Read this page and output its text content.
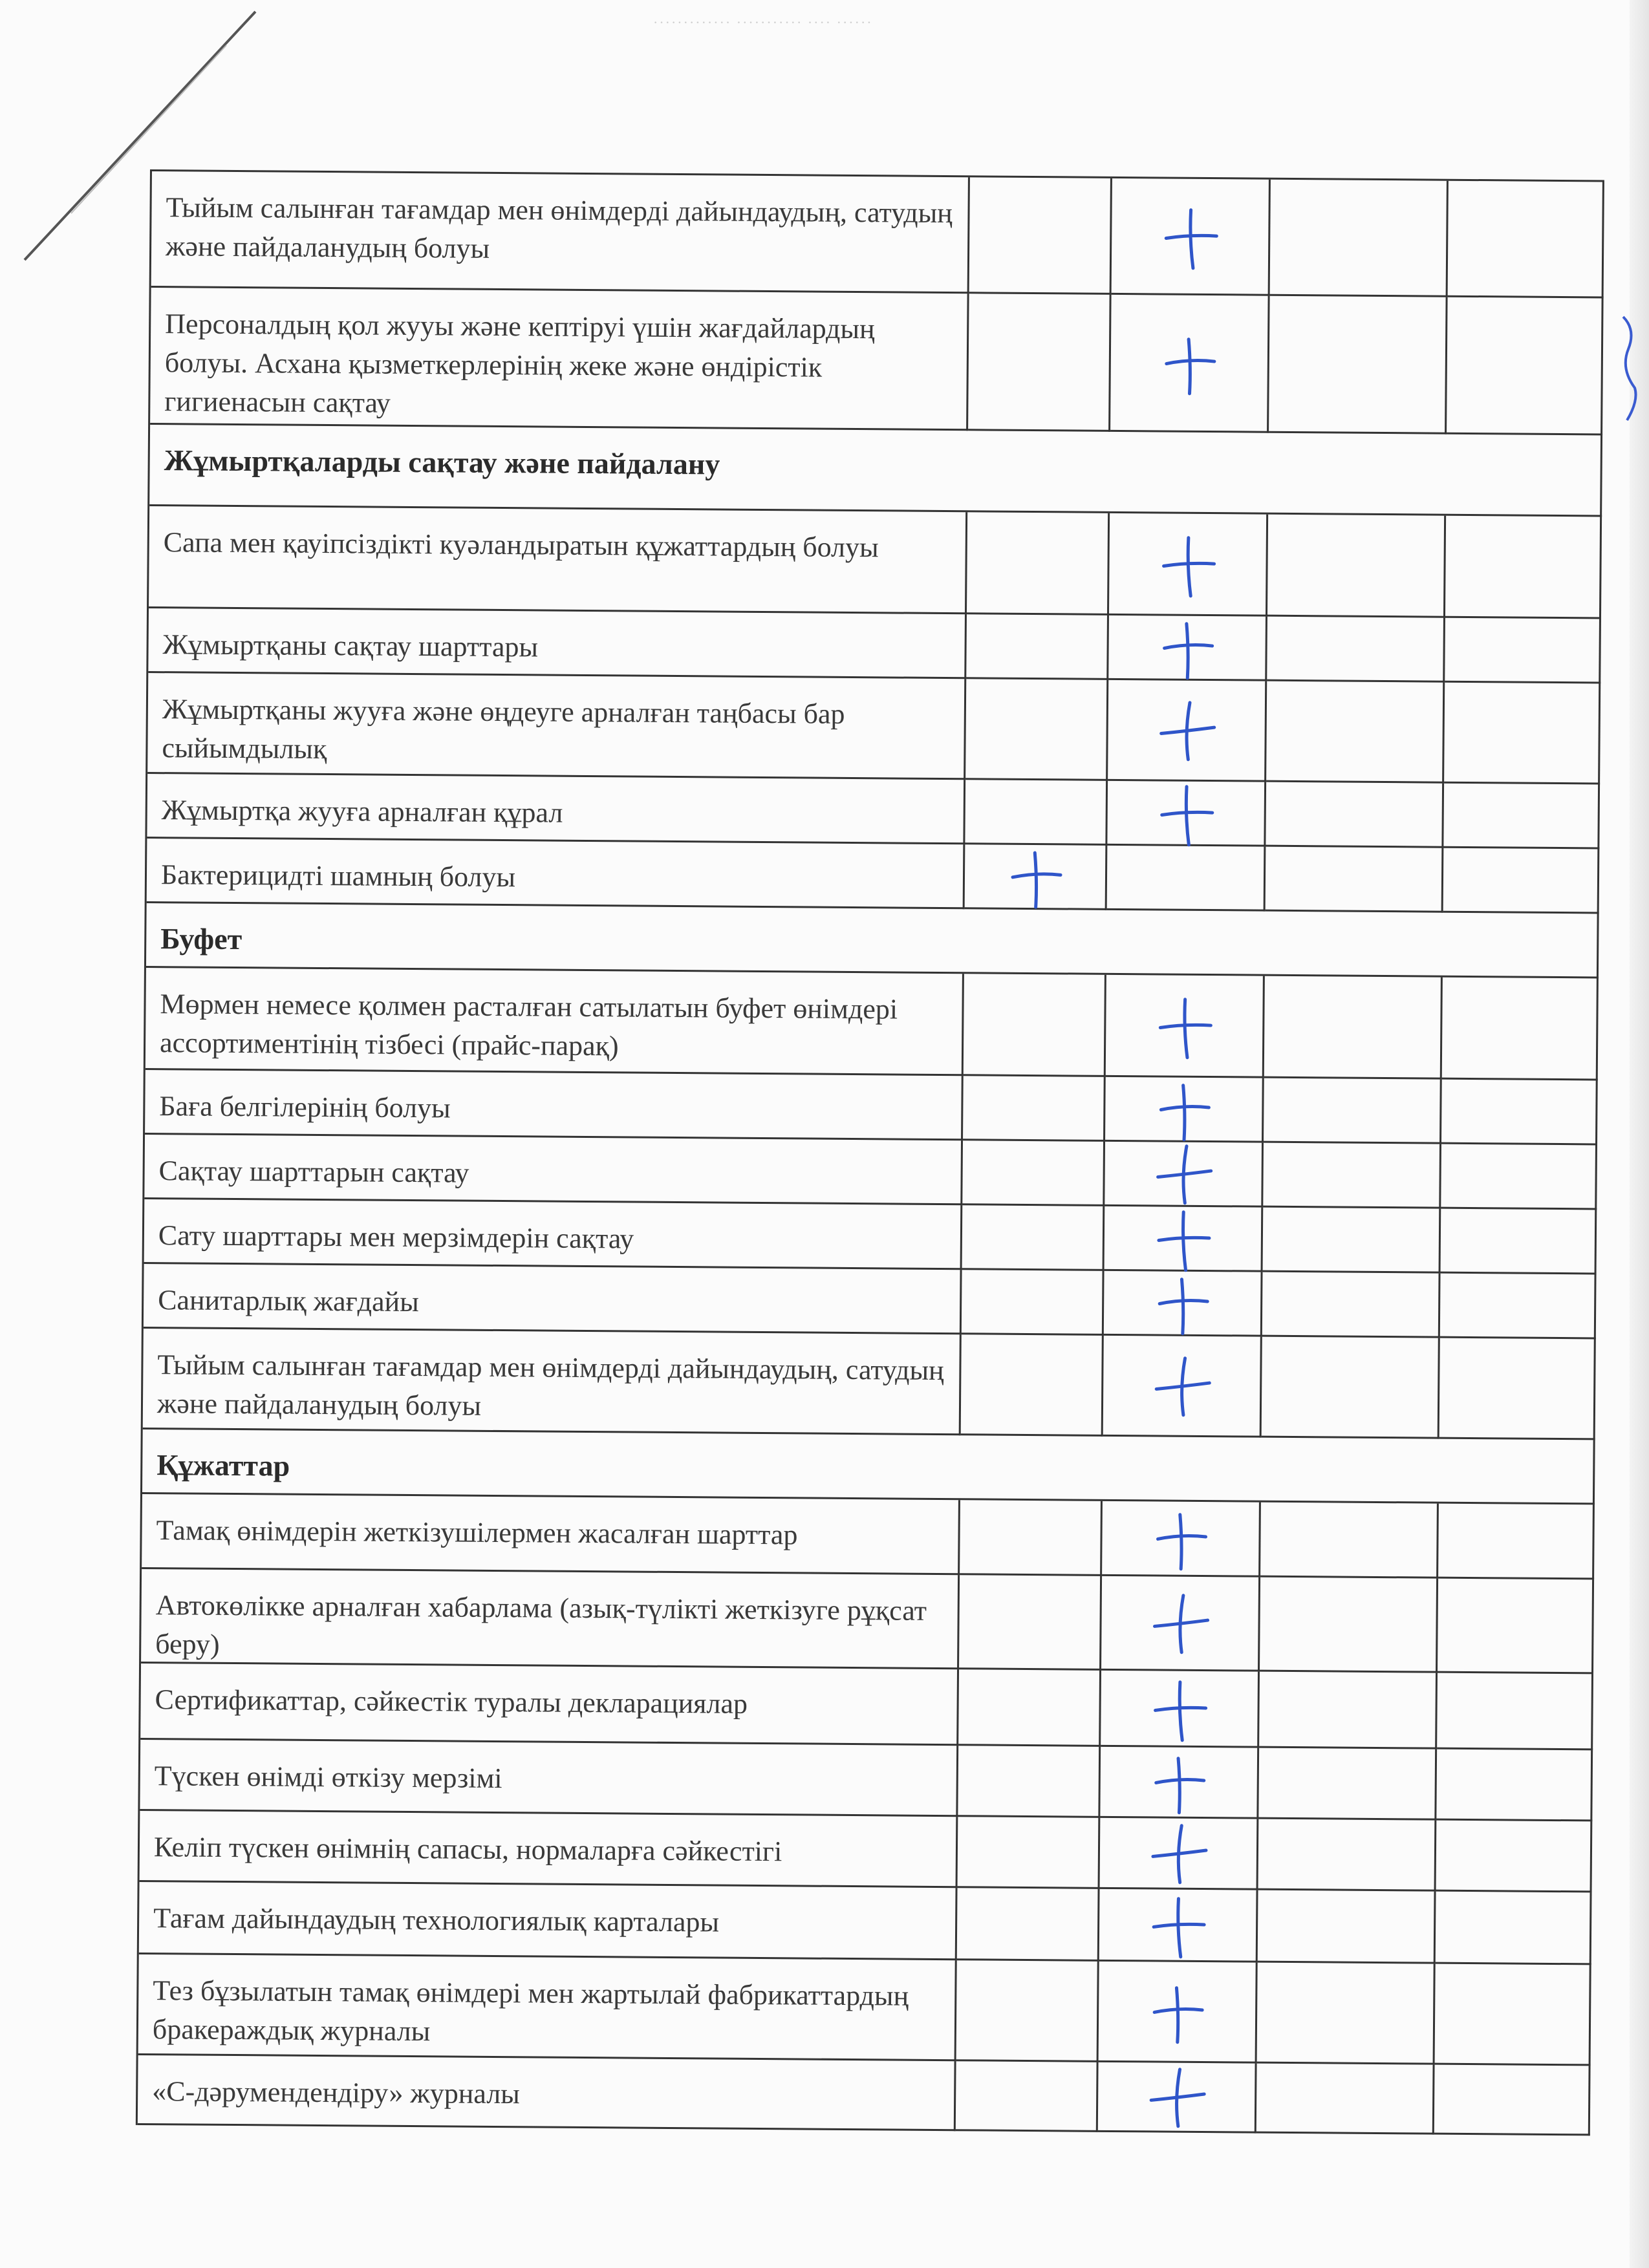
············· ··········· ···· ······
Тыйым салынған тағамдар мен өнімдерді дайындаудың, сатудың және пайдаланудың болуы
Персоналдың қол жууы және кептіруі үшін жағдайлардың болуы. Асхана қызметкерлерінің жеке және өндірістік гигиенасын сақтау
Жұмыртқаларды сақтау және пайдалану
Сапа мен қауіпсіздікті куәландыратын құжаттардың болуы
Жұмыртқаны сақтау шарттары
Жұмыртқаны жууға және өңдеуге арналған таңбасы бар сыйымдылық
Жұмыртқа жууға арналған құрал
Бактерицидті шамның болуы
Буфет
Мөрмен немесе қолмен расталған сатылатын буфет өнімдері ассортиментінің тізбесі (прайс-парақ)
Баға белгілерінің болуы
Сақтау шарттарын сақтау
Сату шарттары мен мерзімдерін сақтау
Санитарлық жағдайы
Тыйым салынған тағамдар мен өнімдерді дайындаудың, сатудың және пайдаланудың болуы
Құжаттар
Тамақ өнімдерін жеткізушілермен жасалған шарттар
Автокөлікке арналған хабарлама (азық-түлікті жеткізуге рұқсат беру)
Сертификаттар, сәйкестік туралы декларациялар
Түскен өнімді өткізу мерзімі
Келіп түскен өнімнің сапасы, нормаларға сәйкестігі
Тағам дайындаудың технологиялық карталары
Тез бұзылатын тамақ өнімдері мен жартылай фабрикаттардың бракераждық журналы
«С-дәрумендендіру» журналы
